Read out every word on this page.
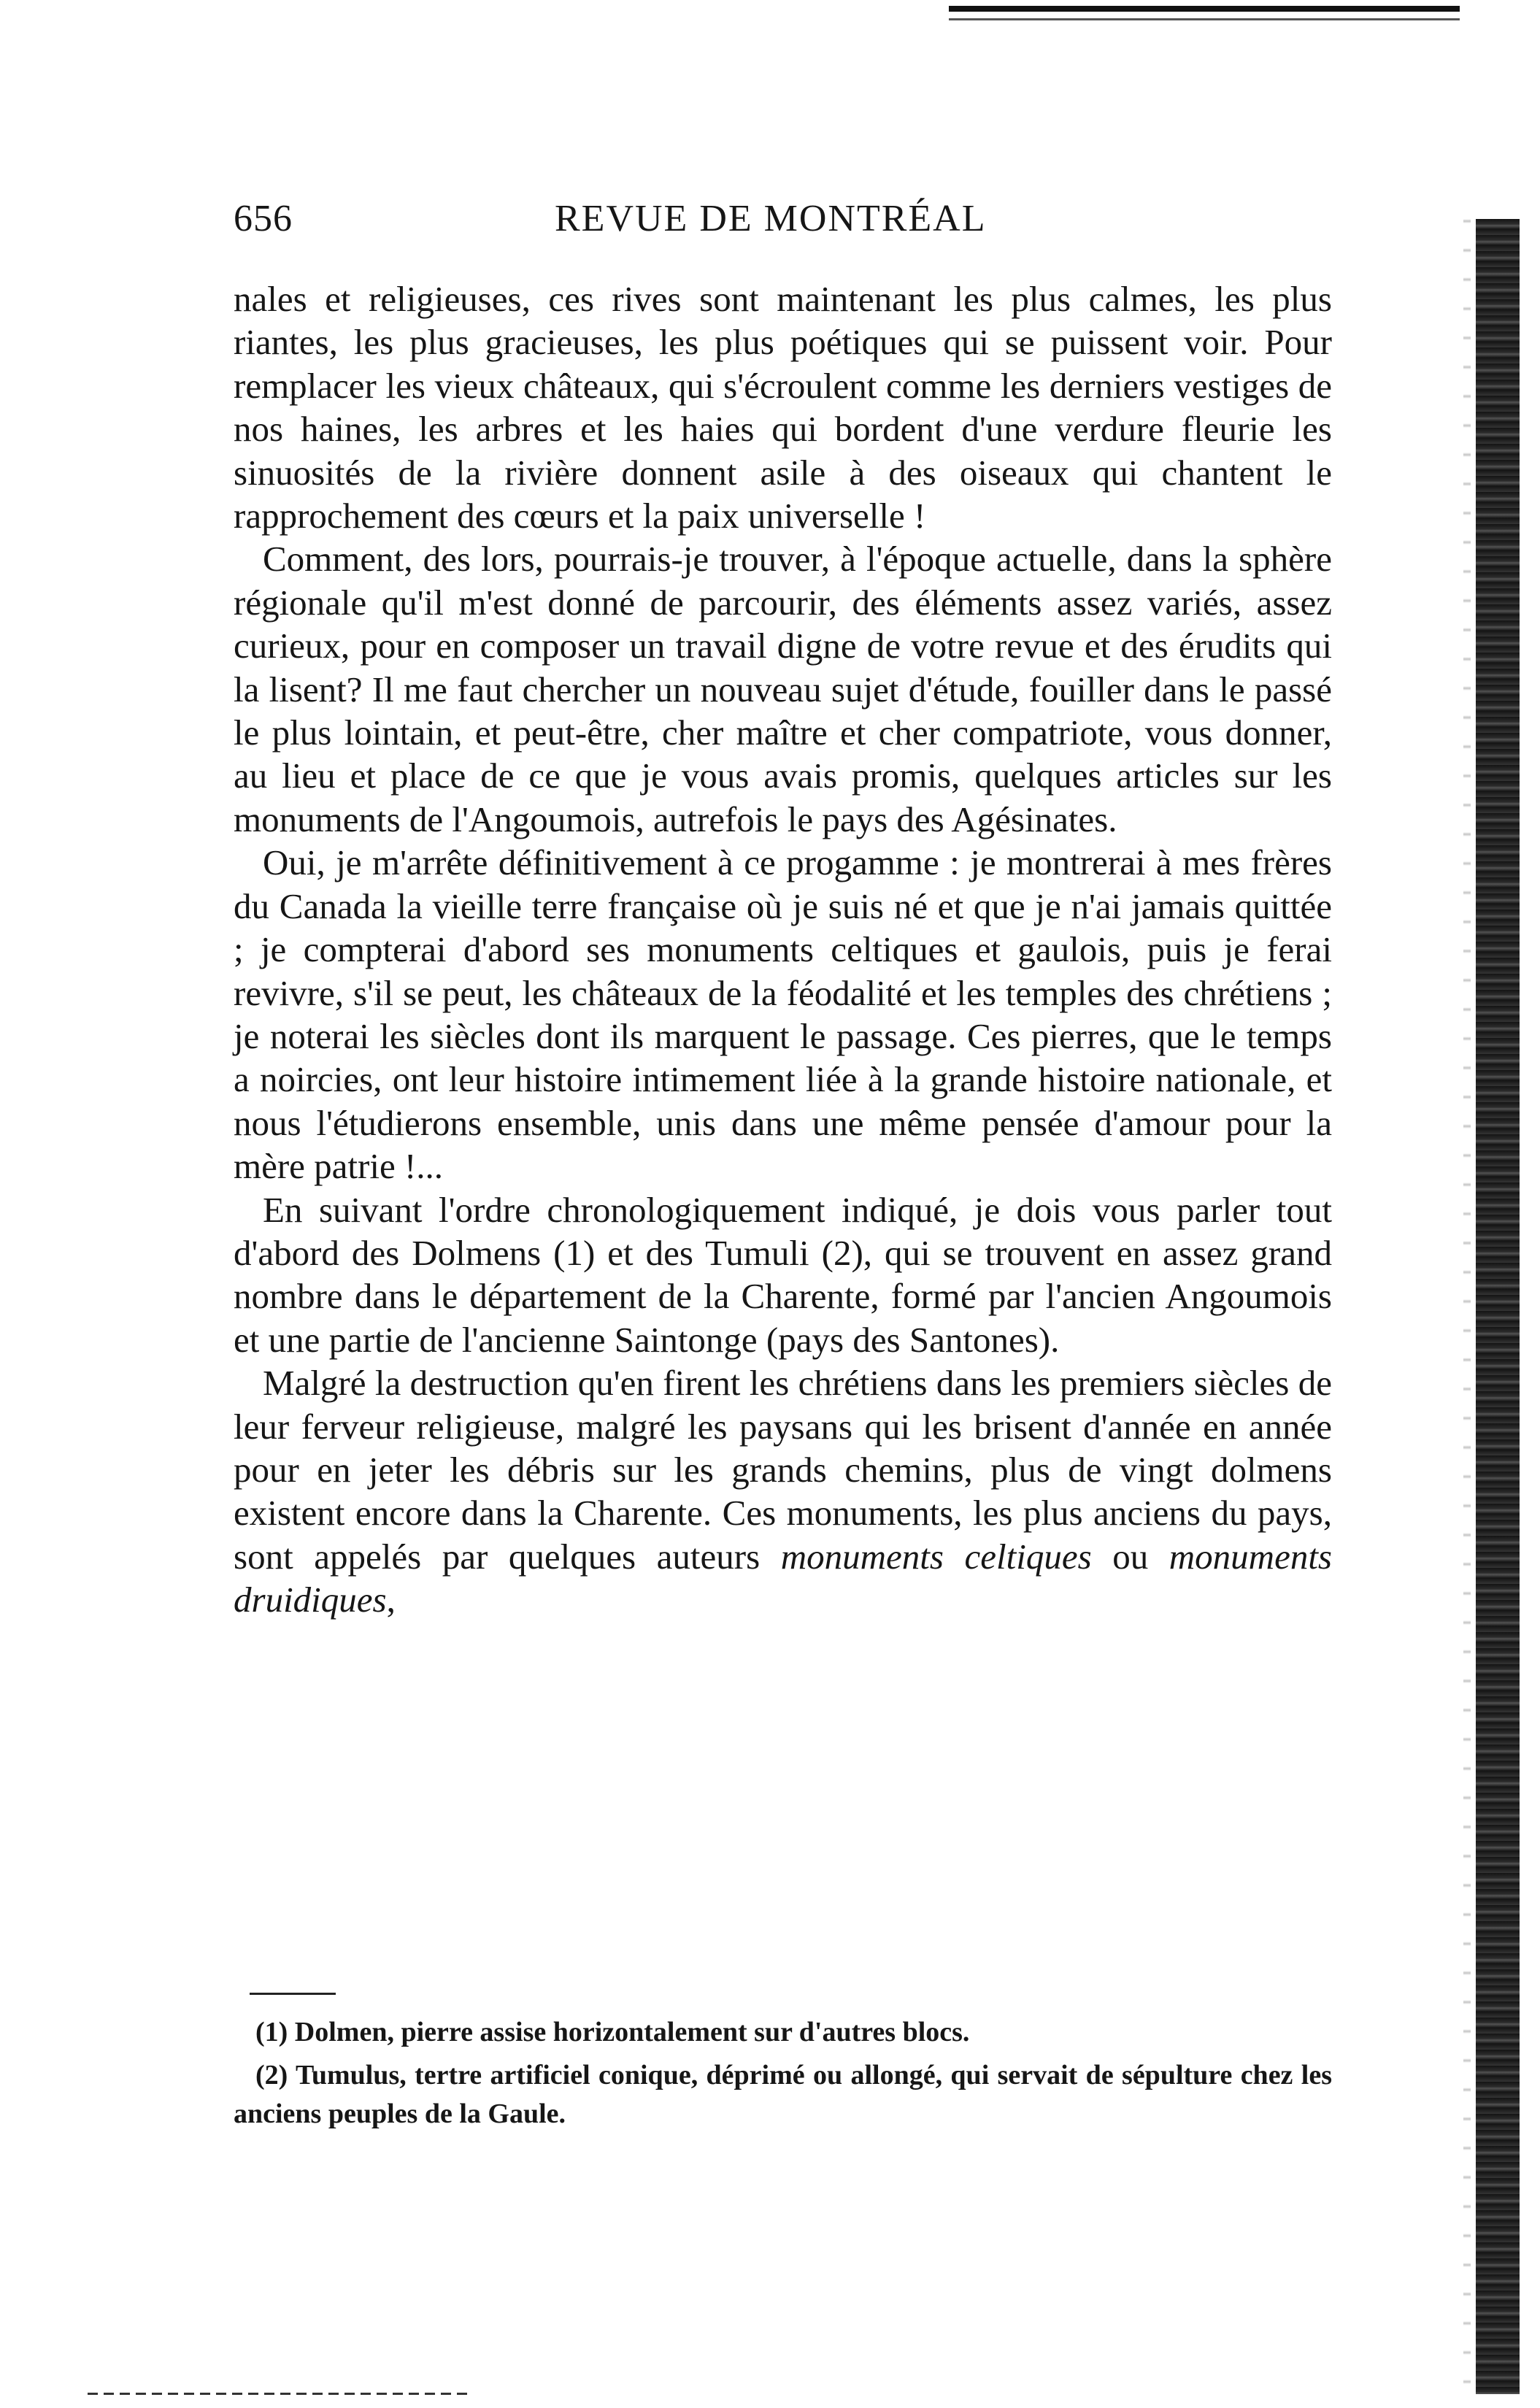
656	REVUE DE MONTRÉAL

nales et religieuses, ces rives sont maintenant les plus calmes, les plus riantes, les plus gracieuses, les plus poétiques qui se puissent voir. Pour remplacer les vieux châteaux, qui s'écroulent comme les derniers vestiges de nos haines, les arbres et les haies qui bordent d'une verdure fleurie les sinuosités de la rivière donnent asile à des oiseaux qui chantent le rapprochement des cœurs et la paix universelle !

Comment, des lors, pourrais-je trouver, à l'époque actuelle, dans la sphère régionale qu'il m'est donné de parcourir, des éléments assez variés, assez curieux, pour en composer un travail digne de votre revue et des érudits qui la lisent? Il me faut chercher un nouveau sujet d'étude, fouiller dans le passé le plus lointain, et peut-être, cher maître et cher compatriote, vous donner, au lieu et place de ce que je vous avais promis, quelques articles sur les monuments de l'Angoumois, autrefois le pays des Agésinates.

Oui, je m'arrête définitivement à ce progamme : je montrerai à mes frères du Canada la vieille terre française où je suis né et que je n'ai jamais quittée ; je compterai d'abord ses monuments celtiques et gaulois, puis je ferai revivre, s'il se peut, les châteaux de la féodalité et les temples des chrétiens ; je noterai les siècles dont ils marquent le passage. Ces pierres, que le temps a noircies, ont leur histoire intimement liée à la grande histoire nationale, et nous l'étudierons ensemble, unis dans une même pensée d'amour pour la mère patrie !...

En suivant l'ordre chronologiquement indiqué, je dois vous parler tout d'abord des Dolmens (1) et des Tumuli (2), qui se trouvent en assez grand nombre dans le département de la Charente, formé par l'ancien Angoumois et une partie de l'ancienne Saintonge (pays des Santones).

Malgré la destruction qu'en firent les chrétiens dans les premiers siècles de leur ferveur religieuse, malgré les paysans qui les brisent d'année en année pour en jeter les débris sur les grands chemins, plus de vingt dolmens existent encore dans la Charente. Ces monuments, les plus anciens du pays, sont appelés par quelques auteurs monuments celtiques ou monuments druidiques,

(1) Dolmen, pierre assise horizontalement sur d'autres blocs.

(2) Tumulus, tertre artificiel conique, déprimé ou allongé, qui servait de sépulture chez les anciens peuples de la Gaule.
